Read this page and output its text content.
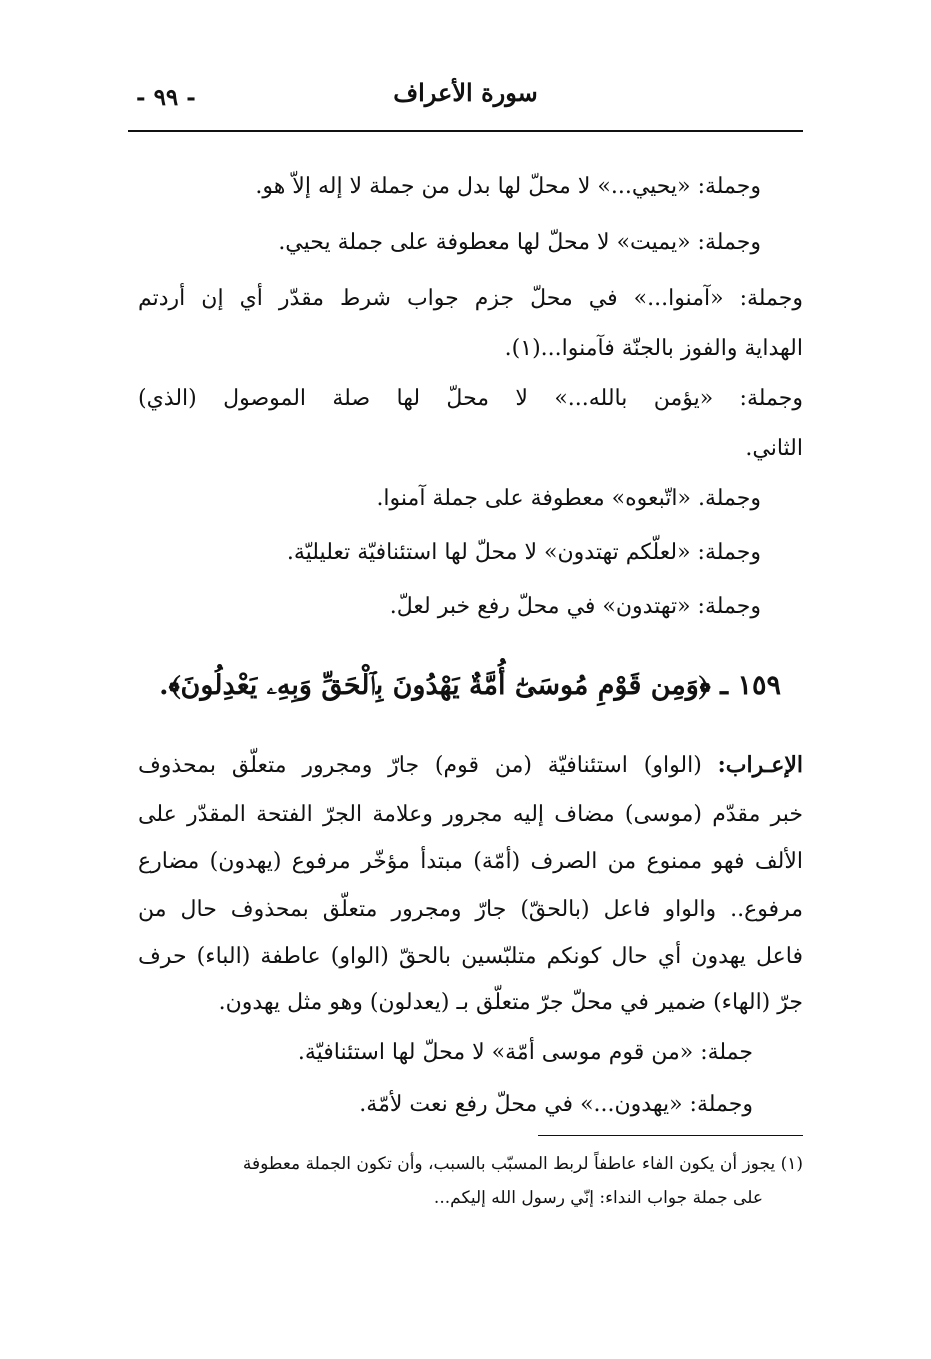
سورة الأعراف
- ٩٩ -
وجملة: «يحيي...» لا محلّ لها بدل من جملة لا إله إلاّ هو.
وجملة: «يميت» لا محلّ لها معطوفة على جملة يحيي.
وجملة: «آمنوا...» في محلّ جزم جواب شرط مقدّر أي إن أردتم
الهداية والفوز بالجنّة فآمنوا...(١).
وجملة: «يؤمن بالله...» لا محلّ لها صلة الموصول (الذي)
الثاني.
وجملة. «اتّبعوه» معطوفة على جملة آمنوا.
وجملة: «لعلّكم تهتدون» لا محلّ لها استئنافيّة تعليليّة.
وجملة: «تهتدون» في محلّ رفع خبر لعلّ.
١٥٩ ـ ﴿وَمِن قَوْمِ مُوسَىٰٓ أُمَّةٌ يَهْدُونَ بِٱلْحَقِّ وَبِهِۦ يَعْدِلُونَ﴾.
الإعـراب: (الواو) استئنافيّة (من قوم) جارّ ومجرور متعلّق بمحذوف
خبر مقدّم (موسى) مضاف إليه مجرور وعلامة الجرّ الفتحة المقدّر على
الألف فهو ممنوع من الصرف (أمّة) مبتدأ مؤخّر مرفوع (يهدون) مضارع
مرفوع.. والواو فاعل (بالحقّ) جارّ ومجرور متعلّق بمحذوف حال من
فاعل يهدون أي حال كونكم متلبّسين بالحقّ (الواو) عاطفة (الباء) حرف
جرّ (الهاء) ضمير في محلّ جرّ متعلّق بـ (يعدلون) وهو مثل يهدون.
جملة: «من قوم موسى أمّة» لا محلّ لها استئنافيّة.
وجملة: «يهدون...» في محلّ رفع نعت لأمّة.
(١) يجوز أن يكون الفاء عاطفاً لربط المسبّب بالسبب، وأن تكون الجملة معطوفة
على جملة جواب النداء: إنّي رسول الله إليكم...
